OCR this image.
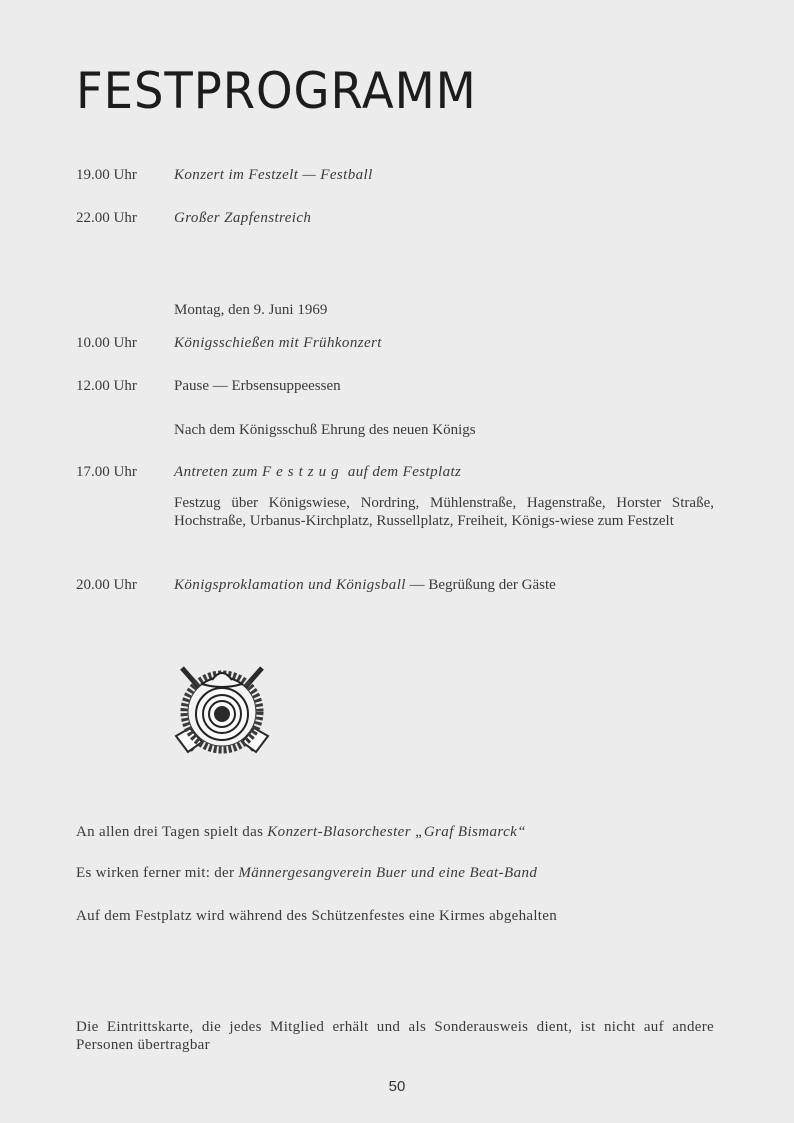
FESTPROGRAMM
19.00 Uhr	Konzert im Festzelt — Festball
22.00 Uhr	Großer Zapfenstreich
Montag, den 9. Juni 1969
10.00 Uhr	Königsschießen mit Frühkonzert
12.00 Uhr	Pause — Erbsensuppeessen
Nach dem Königsschuß Ehrung des neuen Königs
17.00 Uhr	Antreten zum Festzug auf dem Festplatz
Festzug über Königswiese, Nordring, Mühlenstraße, Hagenstraße, Horster Straße, Hochstraße, Urbanus-Kirchplatz, Russellplatz, Freiheit, Königs-wiese zum Festzelt
20.00 Uhr	Königsproklamation und Königsball — Begrüßung der Gäste
An allen drei Tagen spielt das Konzert-Blasorchester „Graf Bismarck“
Es wirken ferner mit: der Männergesangverein Buer und eine Beat-Band
Auf dem Festplatz wird während des Schützenfestes eine Kirmes abgehalten
Die Eintrittskarte, die jedes Mitglied erhält und als Sonderausweis dient, ist nicht auf andere Personen übertragbar
50
